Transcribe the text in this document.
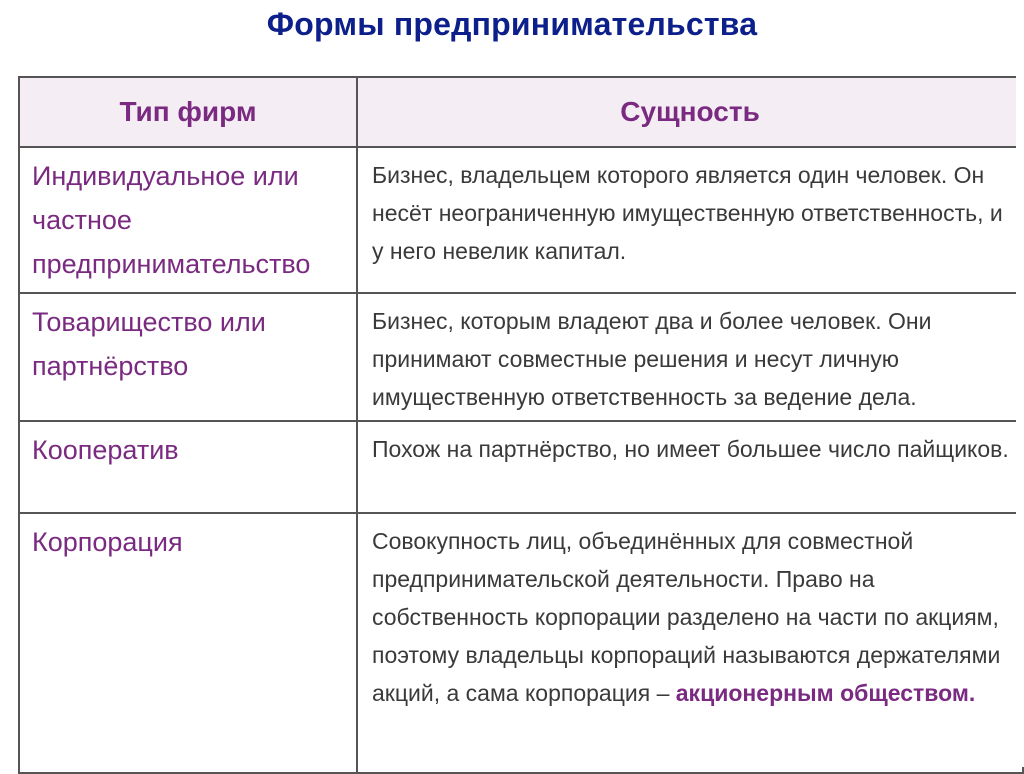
Формы предпринимательства
Тип фирм	Сущность
Индивидуальное или частное предпринимательство	Бизнес, владельцем которого является один человек. Он несёт неограниченную имущественную ответственность, и у него невелик капитал.
Товарищество или партнёрство	Бизнес, которым владеют два и более человек. Они принимают совместные решения и несут личную имущественную ответственность за ведение дела.
Кооператив	Похож на партнёрство, но имеет большее число пайщиков.
Корпорация	Совокупность лиц, объединённых для совместной предпринимательской деятельности. Право на собственность корпорации разделено на части по акциям, поэтому владельцы корпораций называются держателями акций, а сама корпорация – акционерным обществом.
